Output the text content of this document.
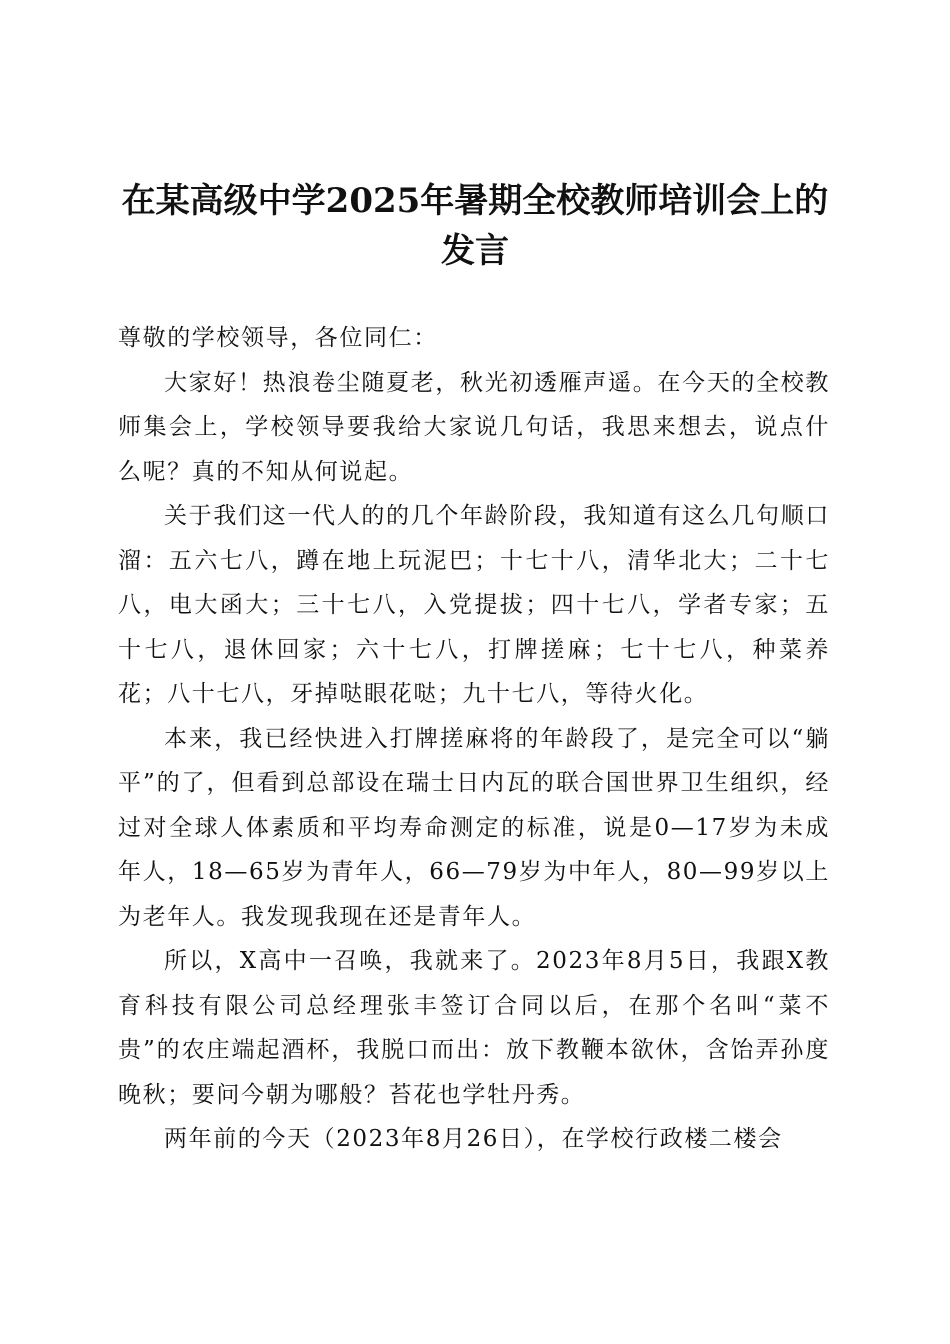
在某高级中学2025年暑期全校教师培训会上的发言

尊敬的学校领导，各位同仁：

大家好！热浪卷尘随夏老，秋光初透雁声遥。在今天的全校教师集会上，学校领导要我给大家说几句话，我思来想去，说点什么呢？真的不知从何说起。

关于我们这一代人的的几个年龄阶段，我知道有这么几句顺口溜：五六七八，蹲在地上玩泥巴；十七十八，清华北大；二十七八，电大函大；三十七八，入党提拔；四十七八，学者专家；五十七八，退休回家；六十七八，打牌搓麻；七十七八，种菜养花；八十七八，牙掉哒眼花哒；九十七八，等待火化。

本来，我已经快进入打牌搓麻将的年龄段了，是完全可以“躺平”的了，但看到总部设在瑞士日内瓦的联合国世界卫生组织，经过对全球人体素质和平均寿命测定的标准，说是0—17岁为未成年人，18—65岁为青年人，66—79岁为中年人，80—99岁以上为老年人。我发现我现在还是青年人。

所以，X高中一召唤，我就来了。2023年8月5日，我跟X教育科技有限公司总经理张丰签订合同以后，在那个名叫“菜不贵”的农庄端起酒杯，我脱口而出：放下教鞭本欲休，含饴弄孙度晚秋；要问今朝为哪般？苔花也学牡丹秀。

两年前的今天（2023年8月26日），在学校行政楼二楼会
